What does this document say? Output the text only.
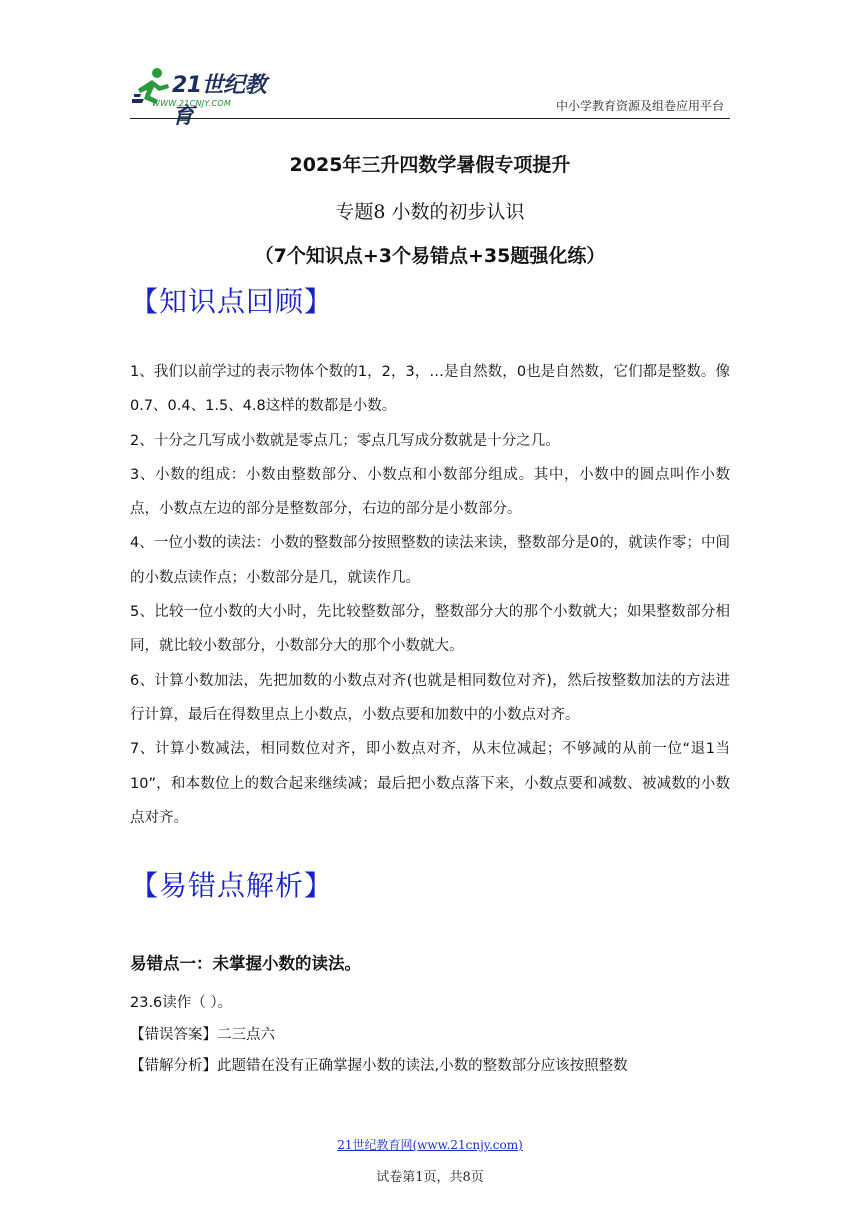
21世纪教育
WWW.21CNJY.COM	中小学教育资源及组卷应用平台
2025年三升四数学暑假专项提升
专题8 小数的初步认识
（7个知识点+3个易错点+35题强化练）
【知识点回顾】

1、我们以前学过的表示物体个数的1，2，3，…是自然数，0也是自然数，它们都是整数。像0.7、0.4、1.5、4.8这样的数都是小数。

2、十分之几写成小数就是零点几；零点几写成分数就是十分之几。

3、小数的组成：小数由整数部分、小数点和小数部分组成。其中，小数中的圆点叫作小数点，小数点左边的部分是整数部分，右边的部分是小数部分。

4、一位小数的读法：小数的整数部分按照整数的读法来读，整数部分是0的，就读作零；中间的小数点读作点；小数部分是几，就读作几。

5、比较一位小数的大小时，先比较整数部分，整数部分大的那个小数就大；如果整数部分相同，就比较小数部分，小数部分大的那个小数就大。

6、计算小数加法，先把加数的小数点对齐(也就是相同数位对齐)，然后按整数加法的方法进行计算，最后在得数里点上小数点，小数点要和加数中的小数点对齐。

7、计算小数减法，相同数位对齐，即小数点对齐，从末位减起；不够减的从前一位“退1当10”，和本数位上的数合起来继续减；最后把小数点落下来，小数点要和减数、被减数的小数点对齐。

【易错点解析】
易错点一：未掌握小数的读法。

23.6读作（ ）。

【错误答案】二三点六

【错解分析】此题错在没有正确掌握小数的读法,小数的整数部分应该按照整数

21世纪教育网(www.21cnjy.com)
试卷第1页，共8页
